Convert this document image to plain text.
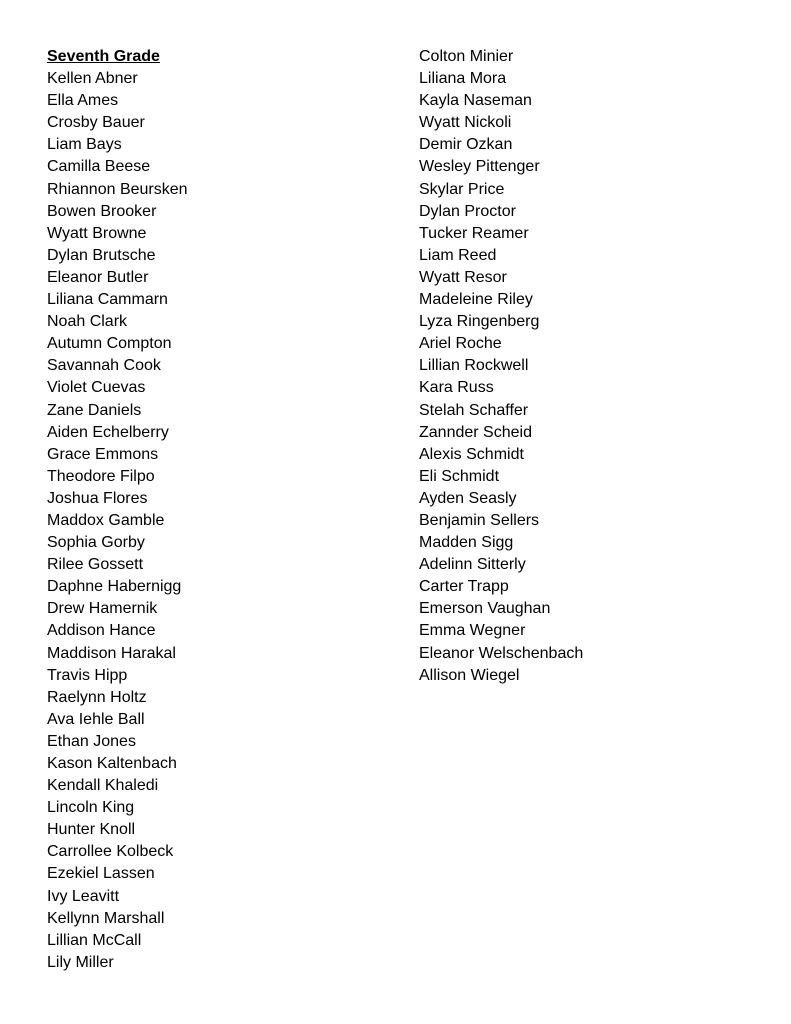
Seventh Grade
Kellen Abner
Ella Ames
Crosby Bauer
Liam Bays
Camilla Beese
Rhiannon Beursken
Bowen Brooker
Wyatt Browne
Dylan Brutsche
Eleanor Butler
Liliana Cammarn
Noah Clark
Autumn Compton
Savannah Cook
Violet Cuevas
Zane Daniels
Aiden Echelberry
Grace Emmons
Theodore Filpo
Joshua Flores
Maddox Gamble
Sophia Gorby
Rilee Gossett
Daphne Habernigg
Drew Hamernik
Addison Hance
Maddison Harakal
Travis Hipp
Raelynn Holtz
Ava Iehle Ball
Ethan Jones
Kason Kaltenbach
Kendall Khaledi
Lincoln King
Hunter Knoll
Carrollee Kolbeck
Ezekiel Lassen
Ivy Leavitt
Kellynn Marshall
Lillian McCall
Lily Miller
Colton Minier
Liliana Mora
Kayla Naseman
Wyatt Nickoli
Demir Ozkan
Wesley Pittenger
Skylar Price
Dylan Proctor
Tucker Reamer
Liam Reed
Wyatt Resor
Madeleine Riley
Lyza Ringenberg
Ariel Roche
Lillian Rockwell
Kara Russ
Stelah Schaffer
Zannder Scheid
Alexis Schmidt
Eli Schmidt
Ayden Seasly
Benjamin Sellers
Madden Sigg
Adelinn Sitterly
Carter Trapp
Emerson Vaughan
Emma Wegner
Eleanor Welschenbach
Allison Wiegel
